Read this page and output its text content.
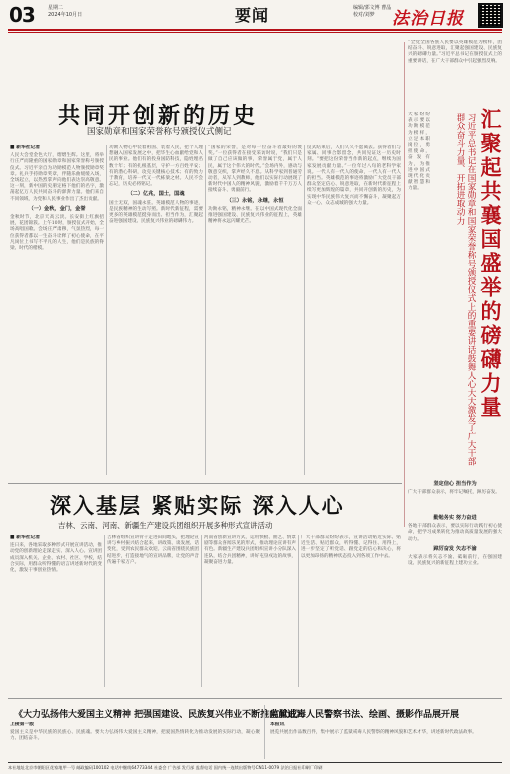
03	星期二
2024年10月日	要闻	编辑/郭文博 曹晶
校对/刘梦	法治日报
共同开创新的历史
国家勋章和国家荣誉称号颁授仪式侧记
■ 新华社记者
人民大会堂金色大厅，熠熠生辉。这里，将举行庄严而隆重的国家勋章和国家荣誉称号颁授仪式。习近平亲自为功勋模范人物颁授勋章奖章。礼兵手持勋章奖章，伴随乐曲缓缓入场，全场起立，以热烈掌声向他们表达崇高敬意。这一刻，新中国的史册定格下他们的名字，激荡起亿万人民共同奋斗的澎湃力量。他们来自不同领域，为党和人民事业作出了杰出贡献。
（一）金秋，金门，金誉
金秋时节，北京天高云淡。长安街上红旗招展，花团锦簇。上午10时，颁授仪式开始，全场高唱国歌。会场庄严肃穆，气氛热烈，每一位获得者都以一生奋斗诠释了初心使命，在平凡岗位上书写不平凡的人生，他们是民族的脊梁、时代的楷模。
功勋人物心中装着祖国、装着人民，把个人理想融入国家发展之中，把毕生心血献给党和人民的事业。他们有的投身国防科技，隐姓埋名数十年；有的扎根基层，守护一方百姓平安；有的潜心科研，攻克关键核心技术；有的致力于教育，培养一代又一代栋梁之材。人民不会忘记，历史必将铭记。
（二）亿兆，国士，国魂
国士无双，国魂永驻。英雄模范人物的事迹，是民族精神的生动写照。新时代新征程，需要更多的英雄模范挺身而出、担当作为，汇聚起奋进强国建设、民族复兴伟业的磅礴伟力。
“国家的荣誉，是对每一位奋斗者最好的褒奖。”一位获得者在接受采访时说，“我们只是做了自己应该做的事，荣誉属于党，属于人民，属于这个伟大的时代。”会场内外，感动与敬意交织，掌声经久不息。从科学家到普通劳动者，从军人到教师，他们以实际行动展现了新时代中国人的精神风貌，激励着千千万万人接续奋斗、勇毅前行。
（三）永铭，永继，永恒
功勋永铭，精神永继。在以中国式现代化全面推进强国建设、民族复兴伟业的征程上，英雄精神将永远闪耀光芒。
仪式结束后，人们久久不愿离去。获得者们与家属、同事合影留念，共同见证这一历史时刻。“要把这份荣誉当作新的起点，继续为国家发展贡献力量。”一位年过八旬的老科学家说。一代人有一代人的使命，一代人有一代人的担当。英雄模范的事迹将激励广大党员干部群众坚定信心、锐意进取，在新时代新征程上续写更加辉煌的篇章，共同开创新的历史，为实现中华民族伟大复兴而不懈奋斗，凝聚起万众一心、众志成城的强大力量。
“全党全国各族人民要以英雄模范为榜样，团结奋斗、锐意进取，汇聚起强国建设、民族复兴的磅礴力量。”习近平总书记在颁授仪式上的重要讲话，在广大干部群众中引起强烈反响。
汇聚起共襄国盛举的磅礴力量
习近平总书记在国家勋章和国家荣誉称号颁授仪式上的重要讲话鼓舞人心大大激发了广大干部群众奋斗力量、开拓进取动力
大家纷纷表示要以功勋模范为榜样，立足本职岗位，勇担使命，奋发有为，为推进中国式现代化贡献智慧和力量。
坚定信心 担当作为
广大干部群众表示，将牢记嘱托，踔厉奋发。
深入基层 紧贴实际 深入人心
吉林、云南、河南、新疆生产建设兵团组织开展多种形式宣讲活动
■ 新华社记者
连日来，各地采取多种形式开展宣讲活动，推动党的创新理论走深走实、深入人心。宣讲团成员深入机关、企业、农村、社区、学校，结合实际，用群众听得懂的语言讲述新时代的变化，激发干事创业热情。
吉林省组织宣讲骨干走进田间地头，把理论宣讲与乡村振兴结合起来，讲政策、谈发展、话变化，受到农民群众欢迎。云南省围绕民族团结进步，打造接地气的宣讲品牌，让党的声音传遍千家万户。
河南省创新宣讲方式，运用快板、曲艺、情景剧等群众喜闻乐见的形式，推动理论宣讲有声有色。新疆生产建设兵团组织宣讲小分队深入连队，结合兵团精神，讲好屯垦戍边的故事，凝聚奋进力量。
广大干部群众纷纷表示，宣讲活动贴近实际、贴近生活、贴近群众，听得懂、记得住、用得上，进一步坚定了听党话、跟党走的信心和决心，将以更加昂扬的精神状态投入到各项工作中去。
勤勉务实 努力奋进
各地干部群众表示，要以实际行动践行初心使命，把学习成果转化为推动高质量发展的强大动力。
踔厉奋发 矢志不渝
大家表示将矢志不渝、砥砺前行，在强国建设、民族复兴的新征程上建功立业。
《大力弘扬伟大爱国主义精神 把强国建设、民族复兴伟业不断推向前进》
上接第一版
爱国主义是中华民族的民族心、民族魂。要大力弘扬伟大爱国主义精神，把爱国热情转化为推动发展的实际行动，凝心聚力、团结奋斗。
监狱戒毒人民警察书法、绘画、摄影作品展开展
本报讯
展览共展出作品数百件，集中展示了监狱戒毒人民警察的精神风貌和艺术才华，讲述新时代政法故事。
本社地址北京市朝阳区花家地甲一号 邮政编码100102 电话中继线64773344 社委会 广告部 发行部 监督电话 国内统一连续出版物号CN11-0079 法治日报社印刷厂印刷
